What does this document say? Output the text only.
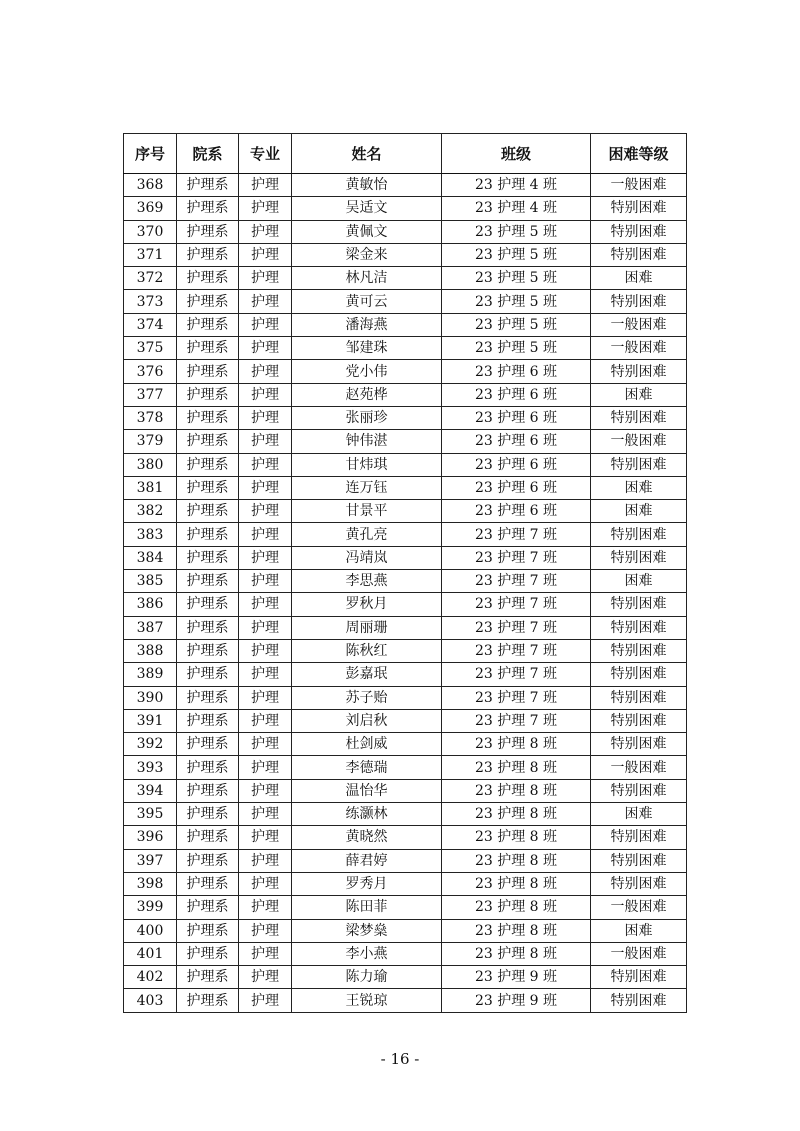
序号	院系	专业	姓名	班级	困难等级
368	护理系	护理	黄敏怡	23 护理 4 班	一般困难
369	护理系	护理	吴适文	23 护理 4 班	特别困难
370	护理系	护理	黄佩文	23 护理 5 班	特别困难
371	护理系	护理	梁金来	23 护理 5 班	特别困难
372	护理系	护理	林凡洁	23 护理 5 班	困难
373	护理系	护理	黄可云	23 护理 5 班	特别困难
374	护理系	护理	潘海燕	23 护理 5 班	一般困难
375	护理系	护理	邹建珠	23 护理 5 班	一般困难
376	护理系	护理	党小伟	23 护理 6 班	特别困难
377	护理系	护理	赵苑桦	23 护理 6 班	困难
378	护理系	护理	张丽珍	23 护理 6 班	特别困难
379	护理系	护理	钟伟湛	23 护理 6 班	一般困难
380	护理系	护理	甘炜琪	23 护理 6 班	特别困难
381	护理系	护理	连万钰	23 护理 6 班	困难
382	护理系	护理	甘景平	23 护理 6 班	困难
383	护理系	护理	黄孔亮	23 护理 7 班	特别困难
384	护理系	护理	冯靖岚	23 护理 7 班	特别困难
385	护理系	护理	李思燕	23 护理 7 班	困难
386	护理系	护理	罗秋月	23 护理 7 班	特别困难
387	护理系	护理	周丽珊	23 护理 7 班	特别困难
388	护理系	护理	陈秋红	23 护理 7 班	特别困难
389	护理系	护理	彭嘉珉	23 护理 7 班	特别困难
390	护理系	护理	苏子贻	23 护理 7 班	特别困难
391	护理系	护理	刘启秋	23 护理 7 班	特别困难
392	护理系	护理	杜剑威	23 护理 8 班	特别困难
393	护理系	护理	李德瑞	23 护理 8 班	一般困难
394	护理系	护理	温怡华	23 护理 8 班	特别困难
395	护理系	护理	练灏林	23 护理 8 班	困难
396	护理系	护理	黄晓然	23 护理 8 班	特别困难
397	护理系	护理	薛君婷	23 护理 8 班	特别困难
398	护理系	护理	罗秀月	23 护理 8 班	特别困难
399	护理系	护理	陈田菲	23 护理 8 班	一般困难
400	护理系	护理	梁梦燊	23 护理 8 班	困难
401	护理系	护理	李小燕	23 护理 8 班	一般困难
402	护理系	护理	陈力瑜	23 护理 9 班	特别困难
403	护理系	护理	王锐琼	23 护理 9 班	特别困难
- 16 -
